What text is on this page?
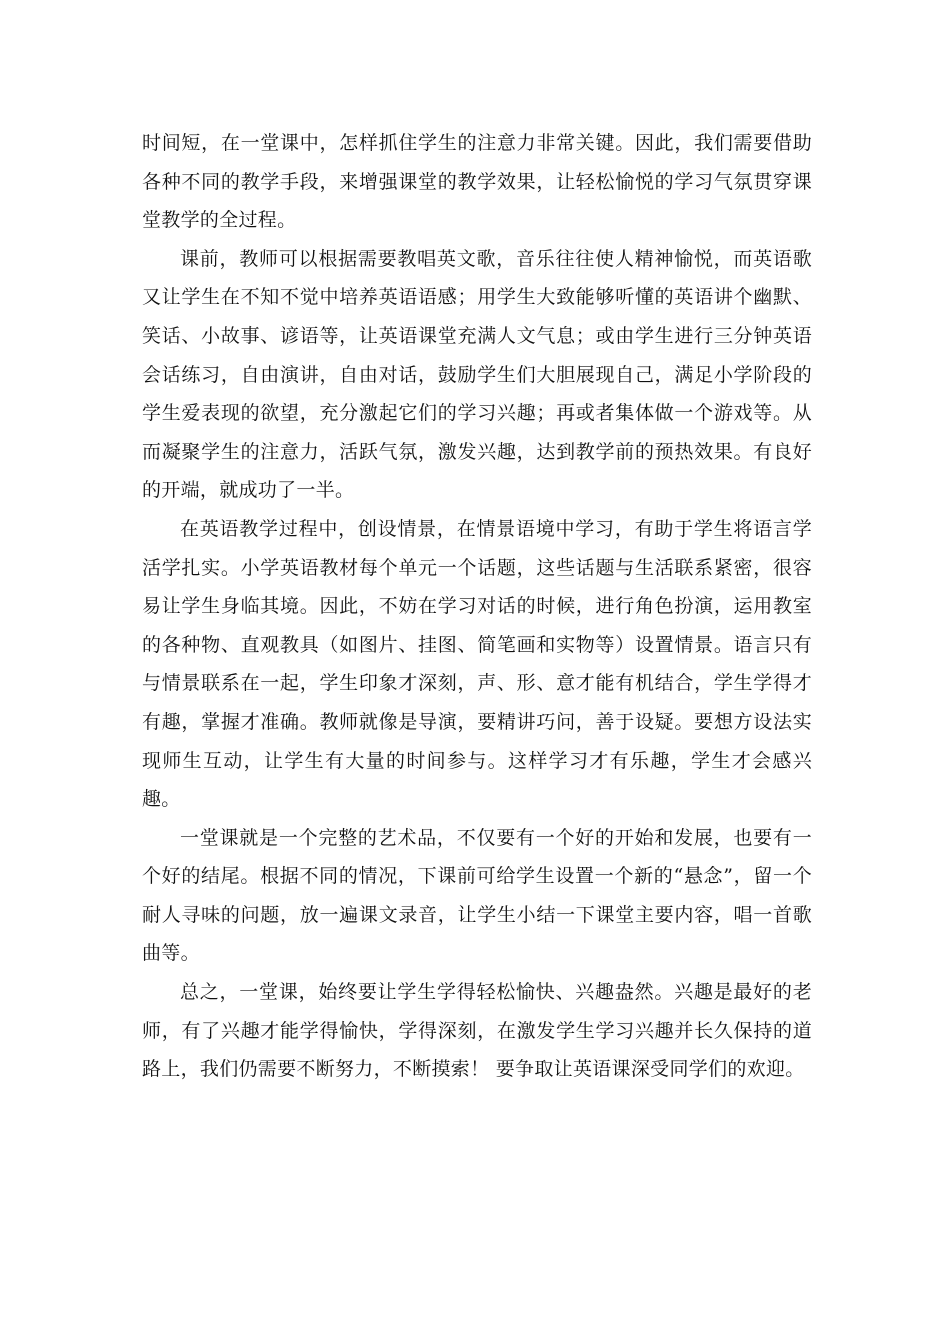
时间短，在一堂课中，怎样抓住学生的注意力非常关键。因此，我们需要借助各种不同的教学手段，来增强课堂的教学效果，让轻松愉悦的学习气氛贯穿课堂教学的全过程。

课前，教师可以根据需要教唱英文歌，音乐往往使人精神愉悦，而英语歌又让学生在不知不觉中培养英语语感；用学生大致能够听懂的英语讲个幽默、笑话、小故事、谚语等，让英语课堂充满人文气息；或由学生进行三分钟英语会话练习，自由演讲，自由对话，鼓励学生们大胆展现自己，满足小学阶段的学生爱表现的欲望，充分激起它们的学习兴趣；再或者集体做一个游戏等。从而凝聚学生的注意力，活跃气氛，激发兴趣，达到教学前的预热效果。有良好的开端，就成功了一半。

在英语教学过程中，创设情景，在情景语境中学习，有助于学生将语言学活学扎实。小学英语教材每个单元一个话题，这些话题与生活联系紧密，很容易让学生身临其境。因此，不妨在学习对话的时候，进行角色扮演，运用教室的各种物、直观教具（如图片、挂图、简笔画和实物等）设置情景。语言只有与情景联系在一起，学生印象才深刻，声、形、意才能有机结合，学生学得才有趣，掌握才准确。教师就像是导演，要精讲巧问，善于设疑。要想方设法实现师生互动，让学生有大量的时间参与。这样学习才有乐趣，学生才会感兴趣。

一堂课就是一个完整的艺术品，不仅要有一个好的开始和发展，也要有一个好的结尾。根据不同的情况，下课前可给学生设置一个新的“悬念”，留一个耐人寻味的问题，放一遍课文录音，让学生小结一下课堂主要内容，唱一首歌曲等。

总之，一堂课，始终要让学生学得轻松愉快、兴趣盎然。兴趣是最好的老师，有了兴趣才能学得愉快，学得深刻，在激发学生学习兴趣并长久保持的道路上，我们仍需要不断努力，不断摸索！ 要争取让英语课深受同学们的欢迎。
